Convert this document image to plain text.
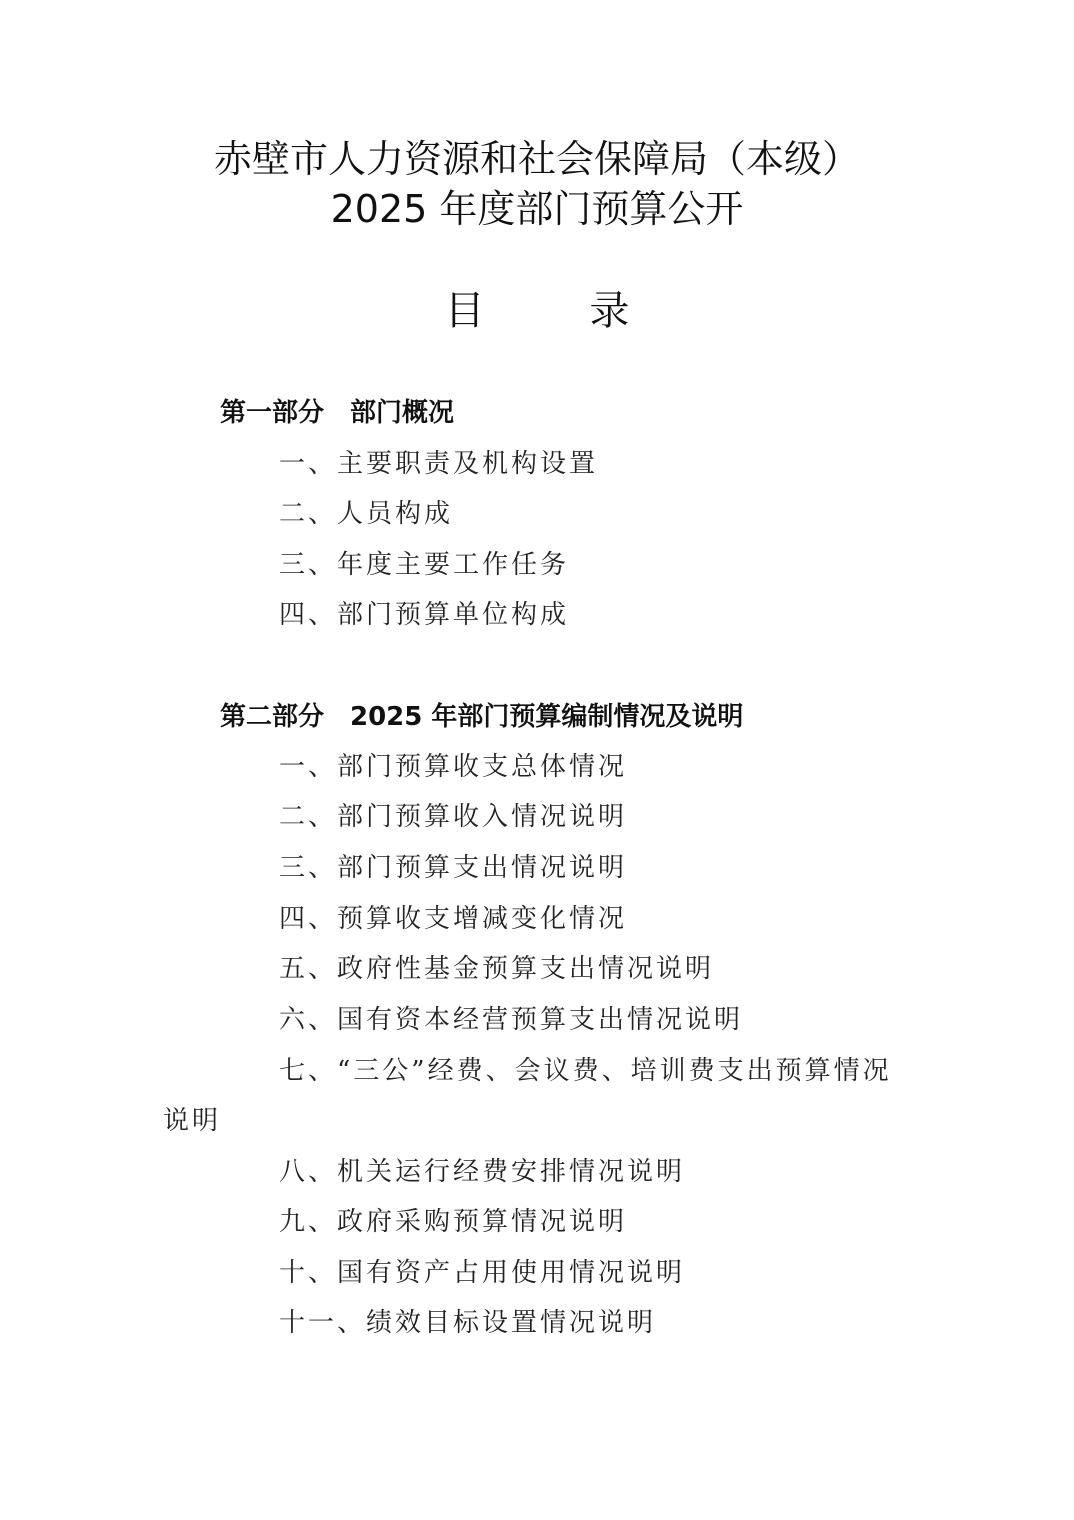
赤壁市人力资源和社会保障局（本级）
2025 年度部门预算公开
目 录
第一部分　部门概况
一、主要职责及机构设置
二、人员构成
三、年度主要工作任务
四、部门预算单位构成
第二部分　2025 年部门预算编制情况及说明
一、部门预算收支总体情况
二、部门预算收入情况说明
三、部门预算支出情况说明
四、预算收支增减变化情况
五、政府性基金预算支出情况说明
六、国有资本经营预算支出情况说明
七、“三公”经费、会议费、培训费支出预算情况
说明
八、机关运行经费安排情况说明
九、政府采购预算情况说明
十、国有资产占用使用情况说明
十一、绩效目标设置情况说明
